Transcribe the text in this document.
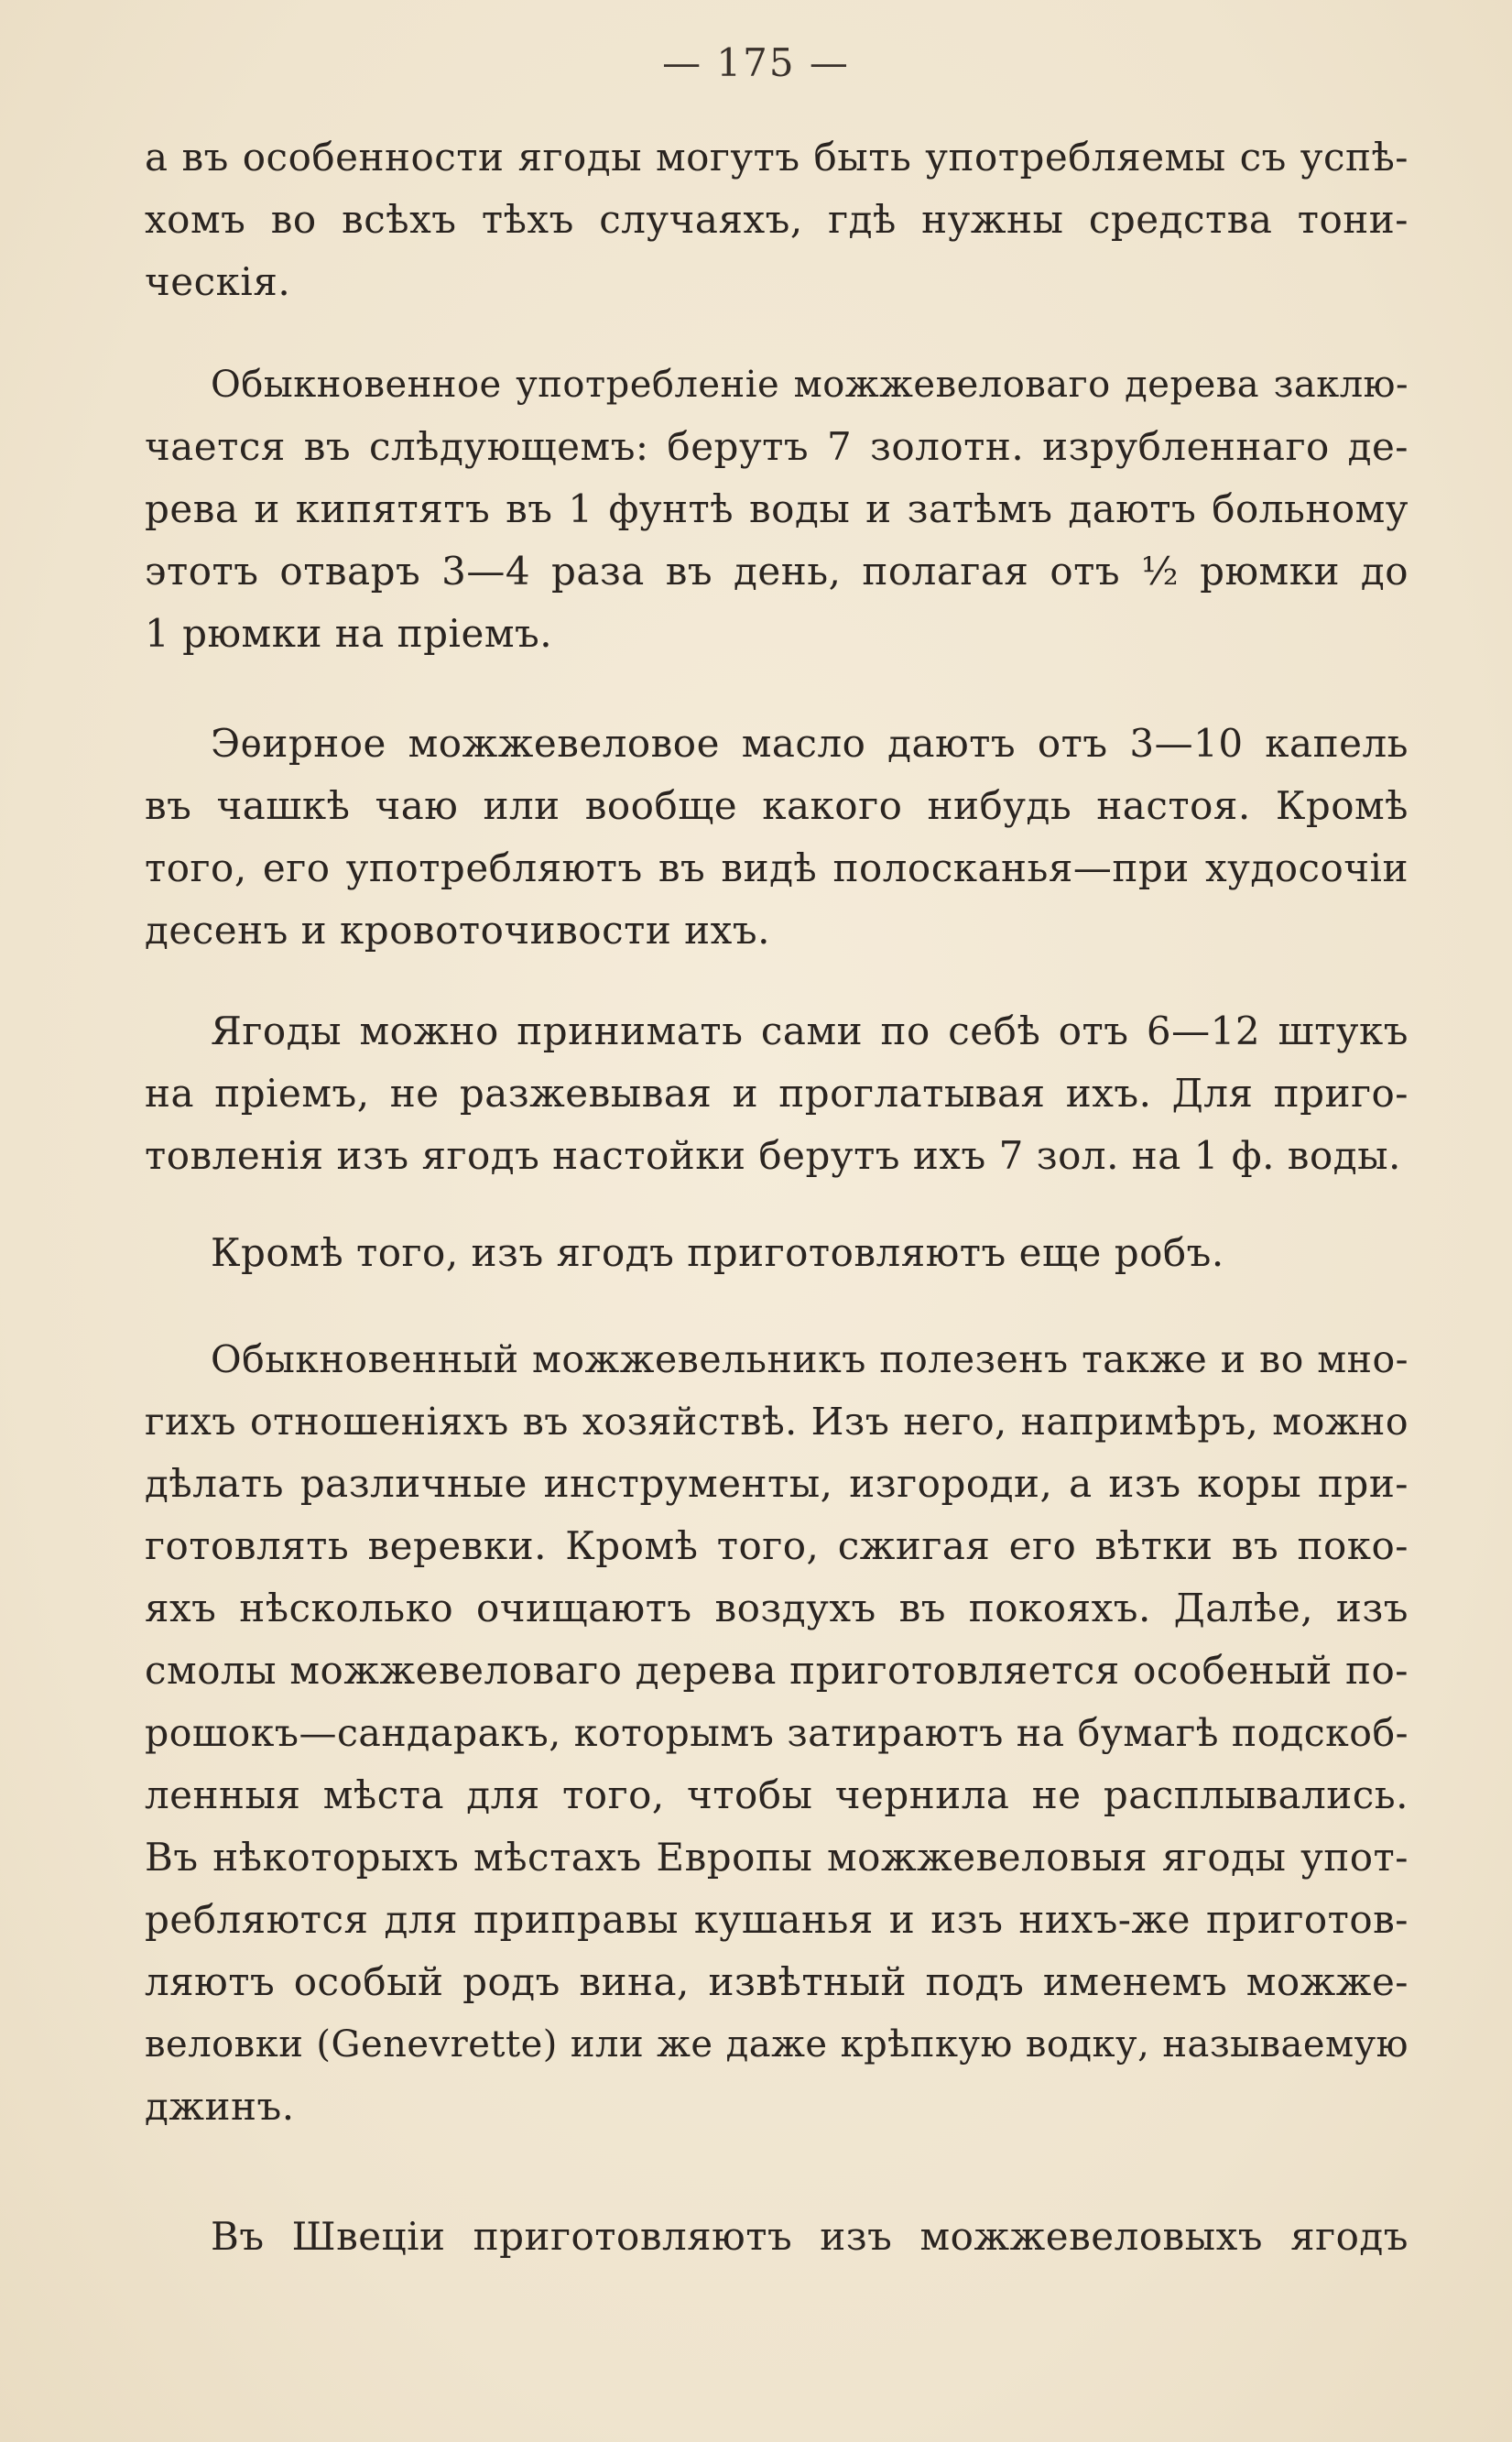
— 175 —
а въ особенности ягоды могутъ быть употребляемы съ успѣ-
хомъ во всѣхъ тѣхъ случаяхъ, гдѣ нужны средства тони-
ческія.
Обыкновенное употребленіе можжевеловаго дерева заклю-
чается въ слѣдующемъ: берутъ 7 золотн. изрубленнаго де-
рева и кипятятъ въ 1 фунтѣ воды и затѣмъ даютъ больному
этотъ отваръ 3—4 раза въ день, полагая отъ ½ рюмки до
1 рюмки на пріемъ.
Эѳирное можжевеловое масло даютъ отъ 3—10 капель
въ чашкѣ чаю или вообще какого нибудь настоя. Кромѣ
того, его употребляютъ въ видѣ полосканья—при худосочіи
десенъ и кровоточивости ихъ.
Ягоды можно принимать сами по себѣ отъ 6—12 штукъ
на пріемъ, не разжевывая и проглатывая ихъ. Для приго-
товленія изъ ягодъ настойки берутъ ихъ 7 зол. на 1 ф. воды.
Кромѣ того, изъ ягодъ приготовляютъ еще робъ.
Обыкновенный можжевельникъ полезенъ также и во мно-
гихъ отношеніяхъ въ хозяйствѣ. Изъ него, напримѣръ, можно
дѣлать различные инструменты, изгороди, а изъ коры при-
готовлять веревки. Кромѣ того, сжигая его вѣтки въ поко-
яхъ нѣсколько очищаютъ воздухъ въ покояхъ. Далѣе, изъ
смолы можжевеловаго дерева приготовляется особеный по-
рошокъ—сандаракъ, которымъ затираютъ на бумагѣ подскоб-
ленныя мѣста для того, чтобы чернила не расплывались.
Въ нѣкоторыхъ мѣстахъ Европы можжевеловыя ягоды упот-
ребляются для приправы кушанья и изъ нихъ-же приготов-
ляютъ особый родъ вина, извѣтный подъ именемъ можже-
веловки (Genevrette) или же даже крѣпкую водку, называемую
джинъ.
Въ Швеціи приготовляютъ изъ можжевеловыхъ ягодъ
